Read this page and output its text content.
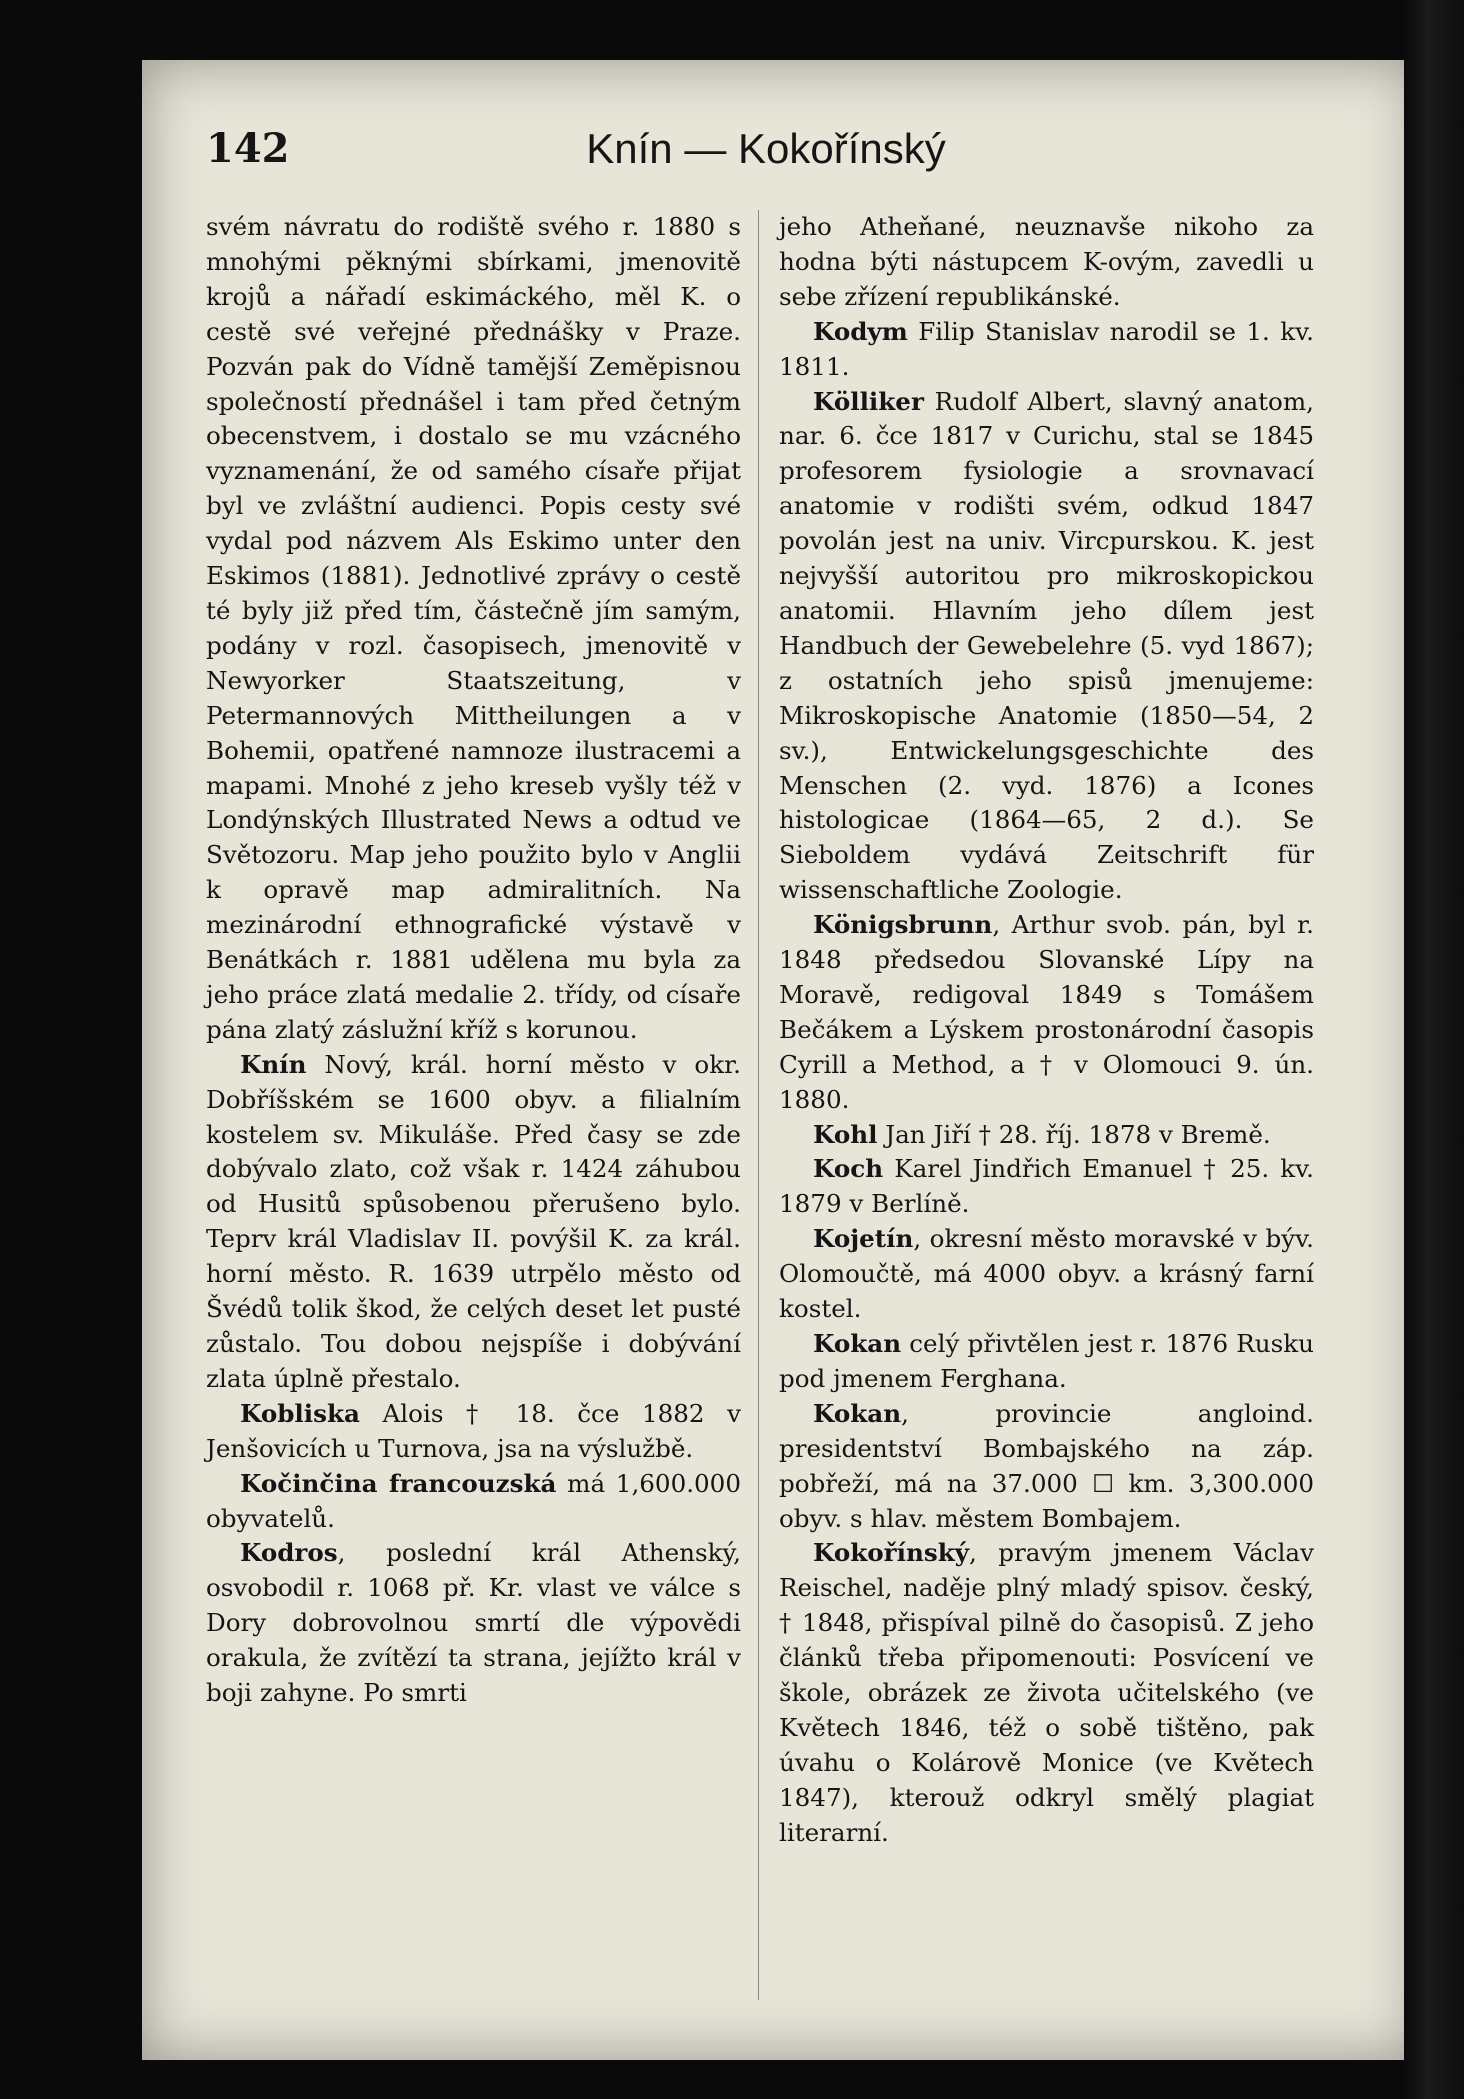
142	Knín — Kokořínský

svém návratu do rodiště svého r. 1880 s mnohými pěknými sbírkami, jmenovitě krojů a nářadí eskimáckého, měl K. o cestě své veřejné přednášky v Praze. Pozván pak do Vídně tamější Zeměpisnou společností přednášel i tam před četným obecenstvem, i dostalo se mu vzácného vyznamenání, že od samého císaře přijat byl ve zvláštní audienci. Popis cesty své vydal pod názvem Als Eskimo unter den Eskimos (1881). Jednotlivé zprávy o cestě té byly již před tím, částečně jím samým, podány v rozl. časopisech, jmenovitě v Newyorker Staatszeitung, v Petermannových Mittheilungen a v Bohemii, opatřené namnoze ilustracemi a mapami. Mnohé z jeho kreseb vyšly též v Londýnských Illustrated News a odtud ve Světozoru. Map jeho použito bylo v Anglii k opravě map admiralitních. Na mezinárodní ethnografické výstavě v Benátkách r. 1881 udělena mu byla za jeho práce zlatá medalie 2. třídy, od císaře pána zlatý záslužní kříž s korunou.

Knín Nový, král. horní město v okr. Dobříšském se 1600 obyv. a filialním kostelem sv. Mikuláše. Před časy se zde dobývalo zlato, což však r. 1424 záhubou od Husitů spůsobenou přerušeno bylo. Teprv král Vladislav II. povýšil K. za král. horní město. R. 1639 utrpělo město od Švédů tolik škod, že celých deset let pusté zůstalo. Tou dobou nejspíše i dobývání zlata úplně přestalo.

Kobliska Alois † 18. čce 1882 v Jenšovicích u Turnova, jsa na výslužbě.

Kočinčina francouzská má 1,600.000 obyvatelů.

Kodros, poslední král Athenský, osvobodil r. 1068 př. Kr. vlast ve válce s Dory dobrovolnou smrtí dle výpovědi orakula, že zvítězí ta strana, jejížto král v boji zahyne. Po smrti

jeho Atheňané, neuznavše nikoho za hodna býti nástupcem K-ovým, zavedli u sebe zřízení republikánské.

Kodym Filip Stanislav narodil se 1. kv. 1811.

Kölliker Rudolf Albert, slavný anatom, nar. 6. čce 1817 v Curichu, stal se 1845 profesorem fysiologie a srovnavací anatomie v rodišti svém, odkud 1847 povolán jest na univ. Vircpurskou. K. jest nejvyšší autoritou pro mikroskopickou anatomii. Hlavním jeho dílem jest Handbuch der Gewebelehre (5. vyd 1867); z ostatních jeho spisů jmenujeme: Mikroskopische Anatomie (1850—54, 2 sv.), Entwickelungsgeschichte des Menschen (2. vyd. 1876) a Icones histologicae (1864—65, 2 d.). Se Sieboldem vydává Zeitschrift für wissenschaftliche Zoologie.

Königsbrunn, Arthur svob. pán, byl r. 1848 předsedou Slovanské Lípy na Moravě, redigoval 1849 s Tomášem Bečákem a Lýskem prostonárodní časopis Cyrill a Method, a † v Olomouci 9. ún. 1880.

Kohl Jan Jiří † 28. říj. 1878 v Bremě.

Koch Karel Jindřich Emanuel † 25. kv. 1879 v Berlíně.

Kojetín, okresní město moravské v býv. Olomoučtě, má 4000 obyv. a krásný farní kostel.

Kokan celý přivtělen jest r. 1876 Rusku pod jmenem Ferghana.

Kokan, provincie angloind. presidentství Bombajského na záp. pobřeží, má na 37.000 ☐ km. 3,300.000 obyv. s hlav. městem Bombajem.

Kokořínský, pravým jmenem Václav Reischel, naděje plný mladý spisov. český, † 1848, přispíval pilně do časopisů. Z jeho článků třeba připomenouti: Posvícení ve škole, obrázek ze života učitelského (ve Květech 1846, též o sobě tištěno, pak úvahu o Kolárově Monice (ve Květech 1847), kterouž odkryl smělý plagiat literarní.
